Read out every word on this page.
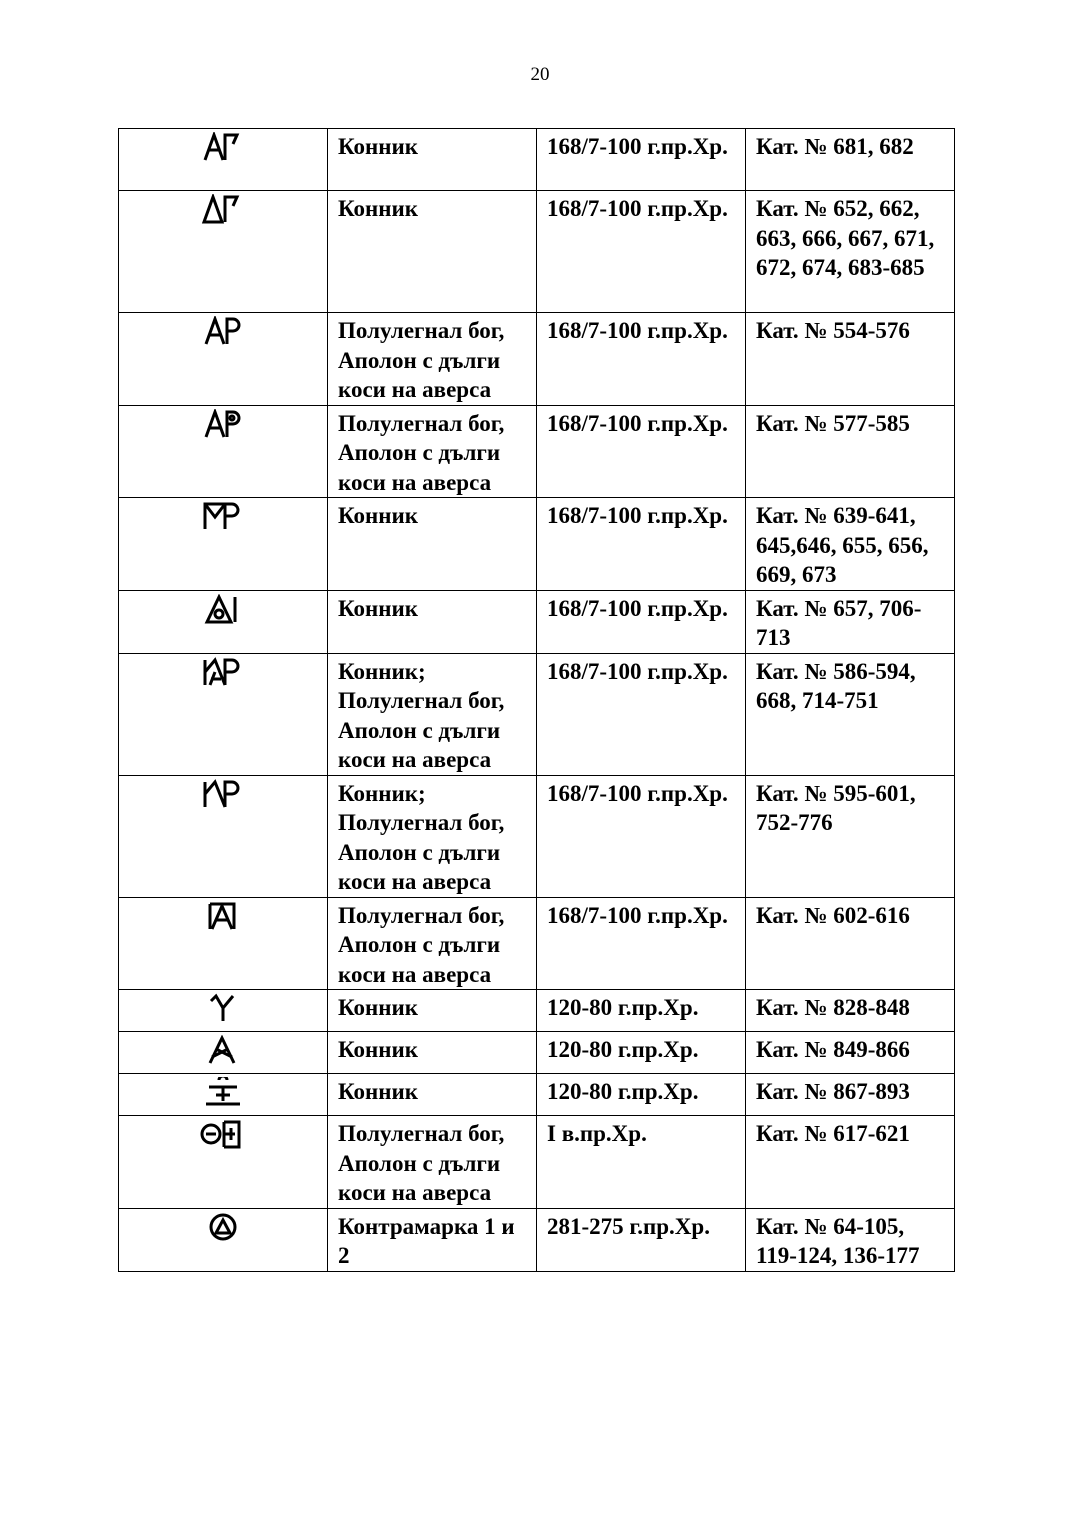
20
	Конник	168/7-100 г.пр.Хр.	Кат. № 681, 682
	Конник	168/7-100 г.пр.Хр.	Кат. № 652, 662, 663, 666, 667, 671, 672, 674, 683-685
	Полулегнал бог, Аполон с дълги коси на аверса	168/7-100 г.пр.Хр.	Кат. № 554-576
	Полулегнал бог, Аполон с дълги коси на аверса	168/7-100 г.пр.Хр.	Кат. № 577-585
	Конник	168/7-100 г.пр.Хр.	Кат. № 639-641, 645,646, 655, 656, 669, 673
	Конник	168/7-100 г.пр.Хр.	Кат. № 657, 706-713
	Конник; Полулегнал бог, Аполон с дълги коси на аверса	168/7-100 г.пр.Хр.	Кат. № 586-594, 668, 714-751
	Конник; Полулегнал бог, Аполон с дълги коси на аверса	168/7-100 г.пр.Хр.	Кат. № 595-601, 752-776
	Полулегнал бог, Аполон с дълги коси на аверса	168/7-100 г.пр.Хр.	Кат. № 602-616
	Конник	120-80 г.пр.Хр.	Кат. № 828-848
	Конник	120-80 г.пр.Хр.	Кат. № 849-866
	Конник	120-80 г.пр.Хр.	Кат. № 867-893
	Полулегнал бог, Аполон с дълги коси на аверса	I в.пр.Хр.	Кат. № 617-621
	Контрамарка 1 и 2	281-275 г.пр.Хр.	Кат. № 64-105, 119-124, 136-177
